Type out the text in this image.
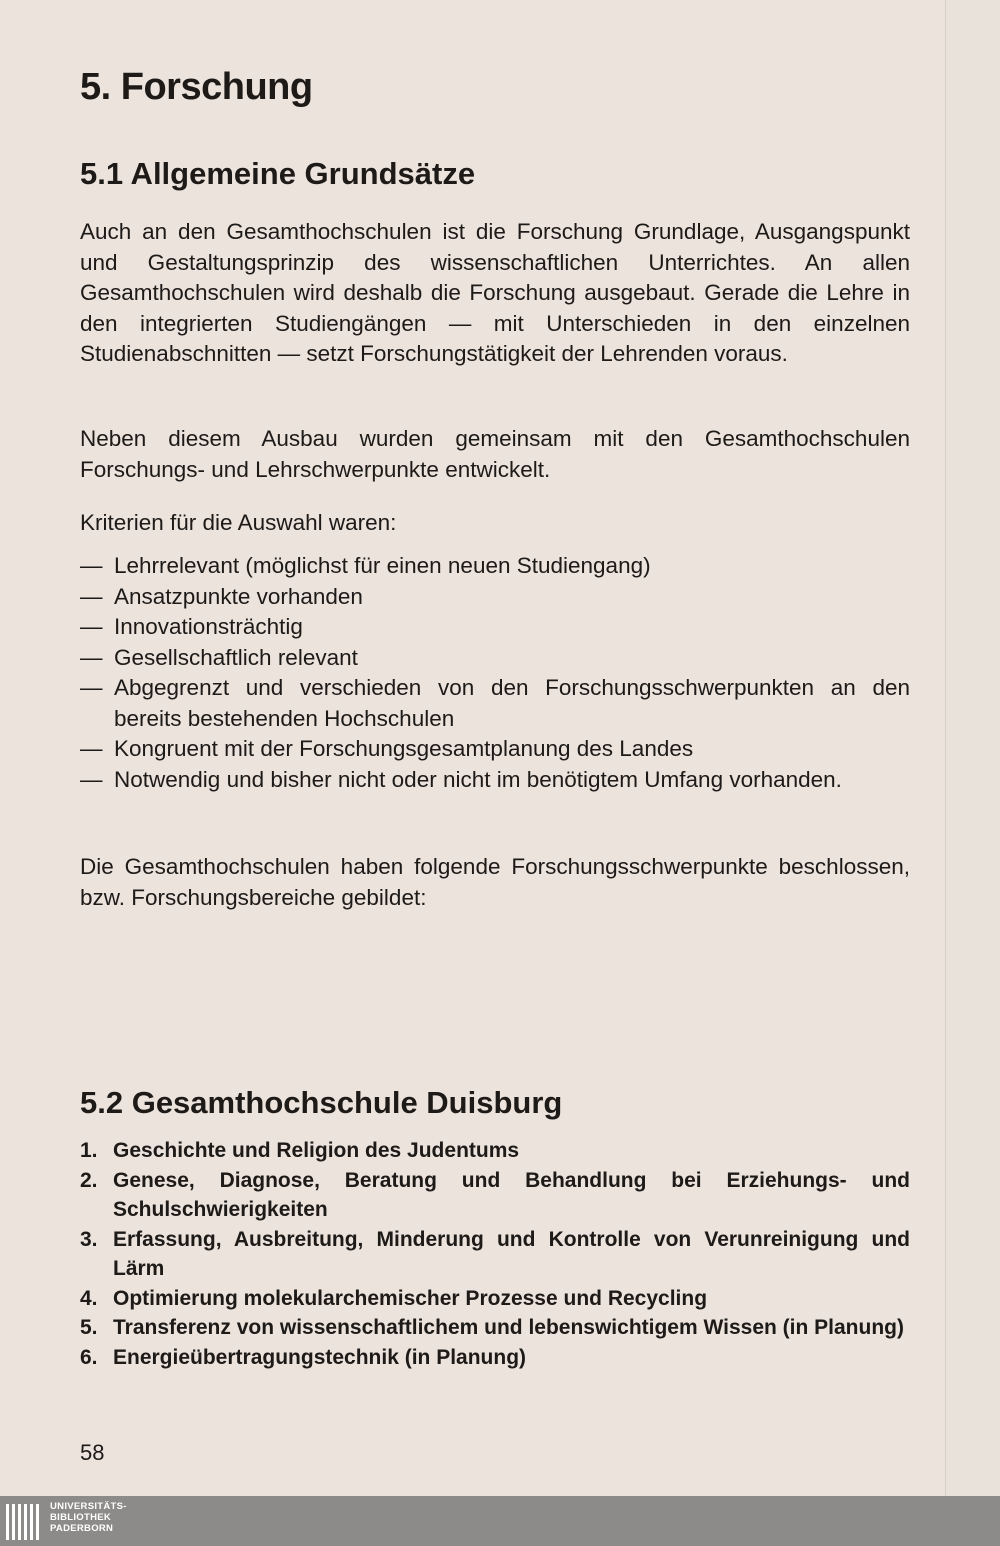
5. Forschung
5.1 Allgemeine Grundsätze

Auch an den Gesamthochschulen ist die Forschung Grundlage, Ausgangspunkt und Gestaltungsprinzip des wissenschaftlichen Unterrichtes. An allen Gesamthochschulen wird deshalb die Forschung ausgebaut. Gerade die Lehre in den integrierten Studiengängen — mit Unterschieden in den einzelnen Studienabschnitten — setzt Forschungstätigkeit der Lehrenden voraus.

Neben diesem Ausbau wurden gemeinsam mit den Gesamthochschulen Forschungs- und Lehrschwerpunkte entwickelt.

Kriterien für die Auswahl waren:

— Lehrrelevant (möglichst für einen neuen Studiengang)
— Ansatzpunkte vorhanden
— Innovationsträchtig
— Gesellschaftlich relevant
— Abgegrenzt und verschieden von den Forschungsschwerpunkten an den bereits bestehenden Hochschulen
— Kongruent mit der Forschungsgesamtplanung des Landes
— Notwendig und bisher nicht oder nicht im benötigtem Umfang vorhanden.

Die Gesamthochschulen haben folgende Forschungsschwerpunkte beschlossen, bzw. Forschungsbereiche gebildet:

5.2 Gesamthochschule Duisburg
1. Geschichte und Religion des Judentums
2. Genese, Diagnose, Beratung und Behandlung bei Erziehungs- und Schulschwierigkeiten
3. Erfassung, Ausbreitung, Minderung und Kontrolle von Verunreinigung und Lärm
4. Optimierung molekularchemischer Prozesse und Recycling
5. Transferenz von wissenschaftlichem und lebenswichtigem Wissen (in Planung)
6. Energieübertragungstechnik (in Planung)
58
UNIVERSITÄTS-
BIBLIOTHEK
PADERBORN
